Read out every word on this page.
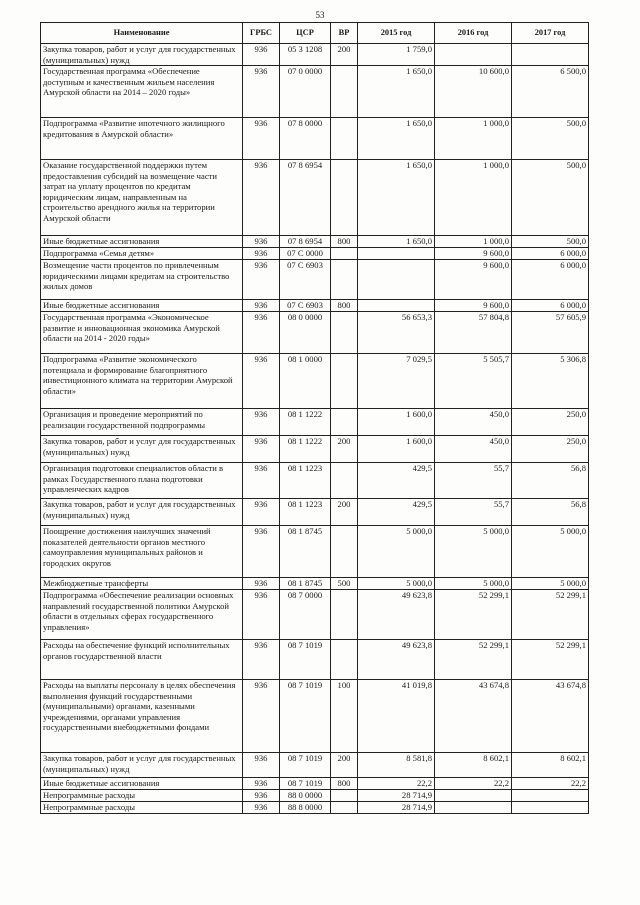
53
Наименование	ГРБС	ЦСР	ВР	2015 год	2016 год	2017 год
Закупка товаров, работ и услуг для государственных (муниципальных) нужд	936	05 3 1208	200	1 759,0		
Государственная программа «Обеспечение доступным и качественным жильем населения Амурской области на 2014 – 2020 годы»	936	07 0 0000		1 650,0	10 600,0	6 500,0
Подпрограмма «Развитие ипотечного жилищного кредитования в Амурской области»	936	07 8 0000		1 650,0	1 000,0	500,0
Оказание государственной поддержки путем предоставления субсидий на возмещение части затрат на уплату процентов по кредитам юридическим лицам, направленным на строительство арендного жилья на территории Амурской области	936	07 8 6954		1 650,0	1 000,0	500,0
Иные бюджетные ассигнования	936	07 8 6954	800	1 650,0	1 000,0	500,0
Подпрограмма «Семья детям»	936	07 С 0000			9 600,0	6 000,0
Возмещение части процентов по привлеченным юридическими лицами кредитам на строительство жилых домов	936	07 С 6903			9 600,0	6 000,0
Иные бюджетные ассигнования	936	07 С 6903	800		9 600,0	6 000,0
Государственная программа «Экономическое развитие и инновационная экономика Амурской области на 2014 - 2020 годы»	936	08 0 0000		56 653,3	57 804,8	57 605,9
Подпрограмма «Развитие экономического потенциала и формирование благоприятного инвестиционного климата на территории Амурской области»	936	08 1 0000		7 029,5	5 505,7	5 306,8
Организация и проведение мероприятий по реализации государственной подпрограммы	936	08 1 1222		1 600,0	450,0	250,0
Закупка товаров, работ и услуг для государственных (муниципальных) нужд	936	08 1 1222	200	1 600,0	450,0	250,0
Организация подготовки специалистов области в рамках Государственного плана подготовки управленческих кадров	936	08 1 1223		429,5	55,7	56,8
Закупка товаров, работ и услуг для государственных (муниципальных) нужд	936	08 1 1223	200	429,5	55,7	56,8
Поощрение достижения наилучших значений показателей деятельности органов местного самоуправления муниципальных районов и городских округов	936	08 1 8745		5 000,0	5 000,0	5 000,0
Межбюджетные трансферты	936	08 1 8745	500	5 000,0	5 000,0	5 000,0
Подпрограмма «Обеспечение реализации основных направлений государственной политики Амурской области в отдельных сферах государственного управления»	936	08 7 0000		49 623,8	52 299,1	52 299,1
Расходы на обеспечение функций исполнительных органов государственной власти	936	08 7 1019		49 623,8	52 299,1	52 299,1
Расходы на выплаты персоналу в целях обеспечения выполнения функций государственными (муниципальными) органами, казенными учреждениями, органами управления государственными внебюджетными фондами	936	08 7 1019	100	41 019,8	43 674,8	43 674,8
Закупка товаров, работ и услуг для государственных (муниципальных) нужд	936	08 7 1019	200	8 581,8	8 602,1	8 602,1
Иные бюджетные ассигнования	936	08 7 1019	800	22,2	22,2	22,2
Непрограммные расходы	936	88 0 0000		28 714,9		
Непрограммные расходы	936	88 8 0000		28 714,9		
